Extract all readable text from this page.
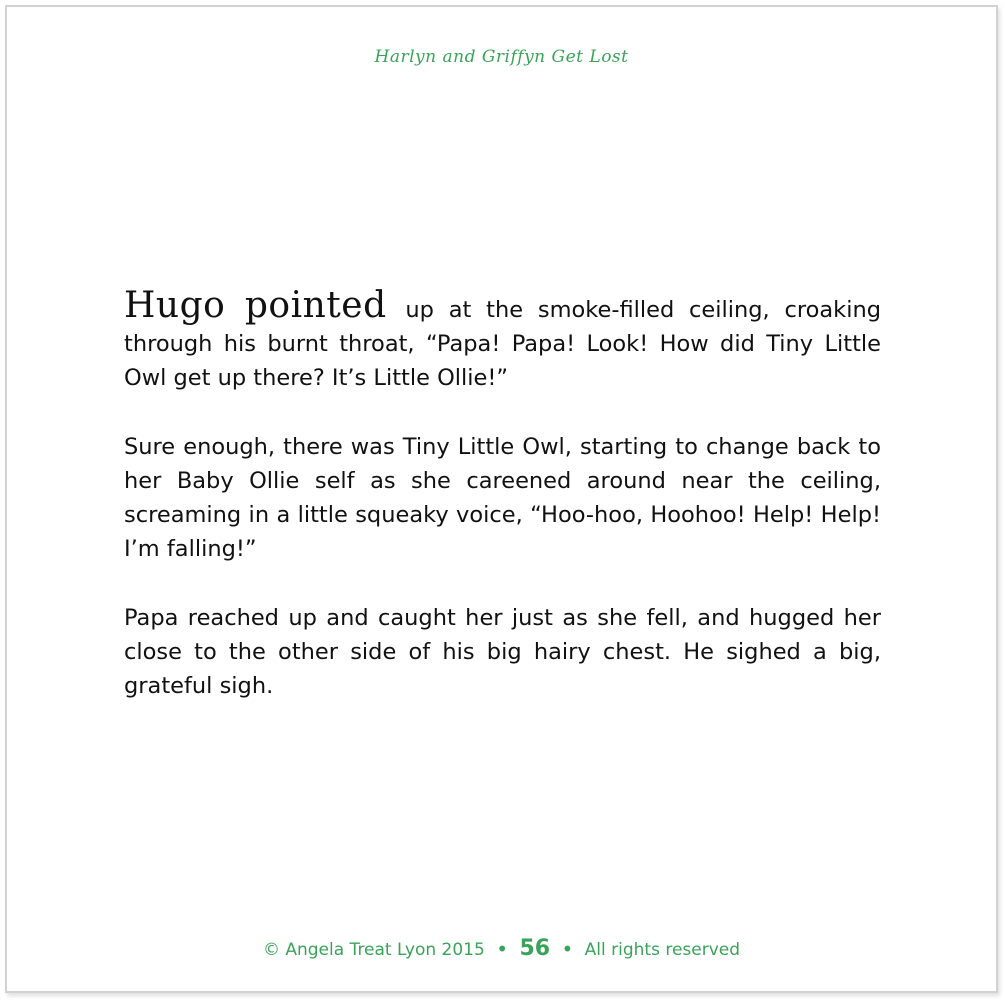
Harlyn and Griffyn Get Lost

Hugo pointed up at the smoke-filled ceiling, croaking through his burnt throat, “Papa! Papa! Look! How did Tiny Little Owl get up there? It’s Little Ollie!”

Sure enough, there was Tiny Little Owl, starting to change back to her Baby Ollie self as she careened around near the ceiling, screaming in a little squeaky voice, “Hoo-hoo, Hoohoo! Help! Help! I’m falling!”

Papa reached up and caught her just as she fell, and hugged her close to the other side of his big hairy chest. He sighed a big, grateful sigh.

© Angela Treat Lyon 2015 • 56 • All rights reserved
